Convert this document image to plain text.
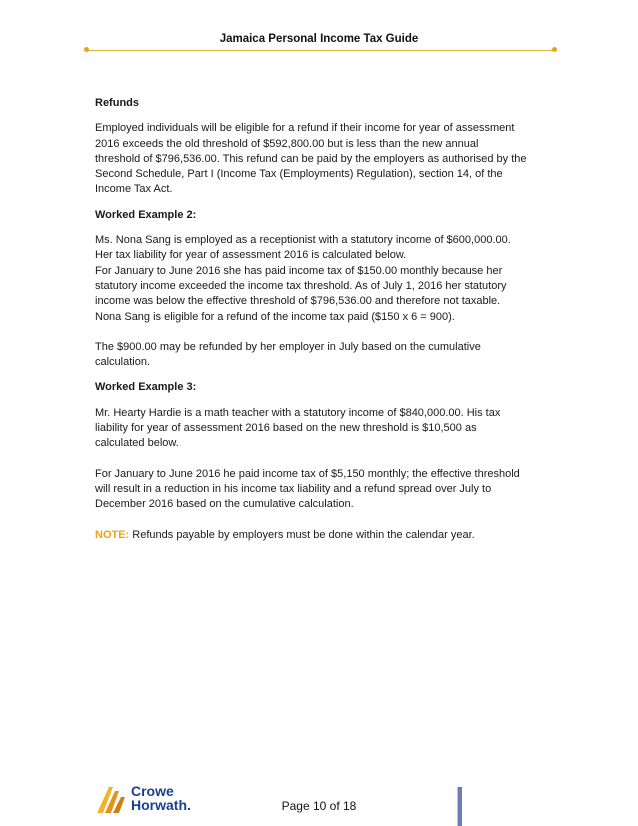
Jamaica Personal Income Tax Guide

Refunds

Employed individuals will be eligible for a refund if their income for year of assessment

2016 exceeds the old threshold of $592,800.00 but is less than the new annual

threshold of $796,536.00. This refund can be paid by the employers as authorised by the

Second Schedule, Part I (Income Tax (Employments) Regulation), section 14, of the

Income Tax Act.

Worked Example 2:

Ms. Nona Sang is employed as a receptionist with a statutory income of $600,000.00.

Her tax liability for year of assessment 2016 is calculated below.

For January to June 2016 she has paid income tax of $150.00 monthly because her

statutory income exceeded the income tax threshold. As of July 1, 2016 her statutory

income was below the effective threshold of $796,536.00 and therefore not taxable.

Nona Sang is eligible for a refund of the income tax paid ($150 x 6 = 900).

The $900.00 may be refunded by her employer in July based on the cumulative

calculation.

Worked Example 3:

Mr. Hearty Hardie is a math teacher with a statutory income of $840,000.00. His tax

liability for year of assessment 2016 based on the new threshold is $10,500 as

calculated below.

For January to June 2016 he paid income tax of $5,150 monthly; the effective threshold

will result in a reduction in his income tax liability and a refund spread over July to

December 2016 based on the cumulative calculation.

NOTE: Refunds payable by employers must be done within the calendar year.

Crowe
Horwath.	Page 10 of 18
